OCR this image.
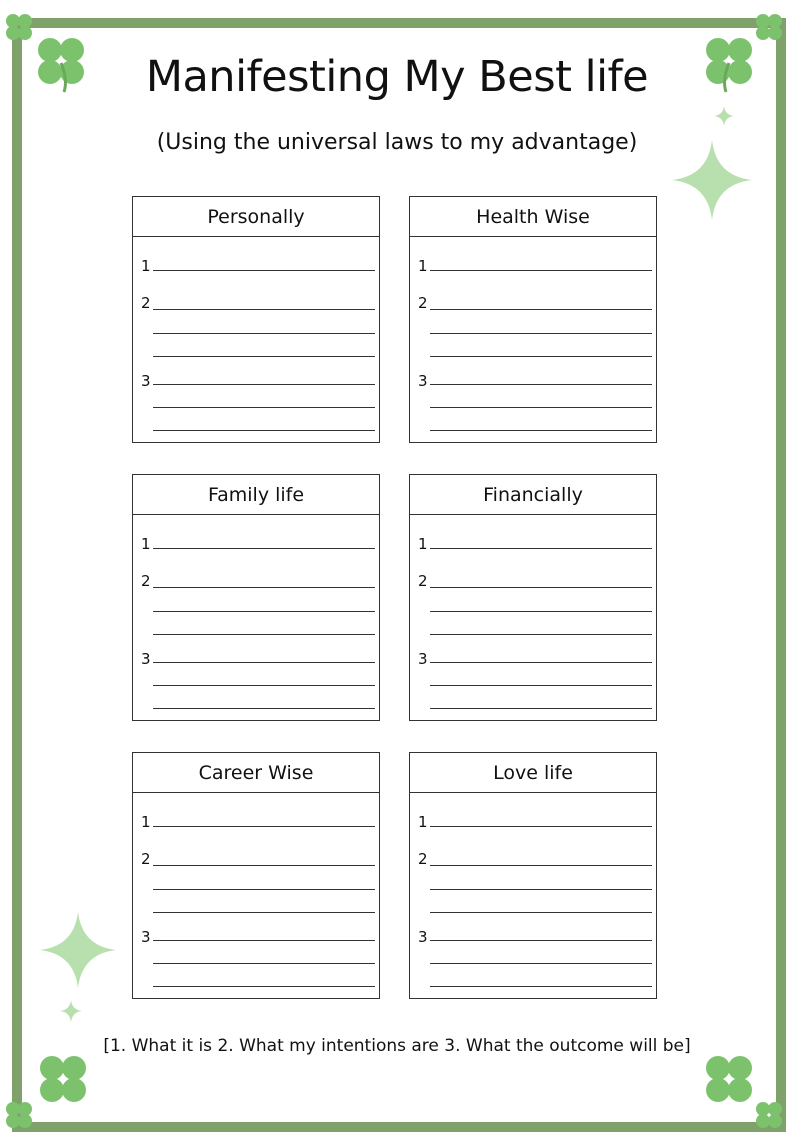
Manifesting My Best life
(Using the universal laws to my advantage)
Personally
1
2
3
Health Wise
1
2
3
Family life
1
2
3
Financially
1
2
3
Career Wise
1
2
3
Love life
1
2
3
[1. What it is 2. What my intentions are 3. What the outcome will be]
